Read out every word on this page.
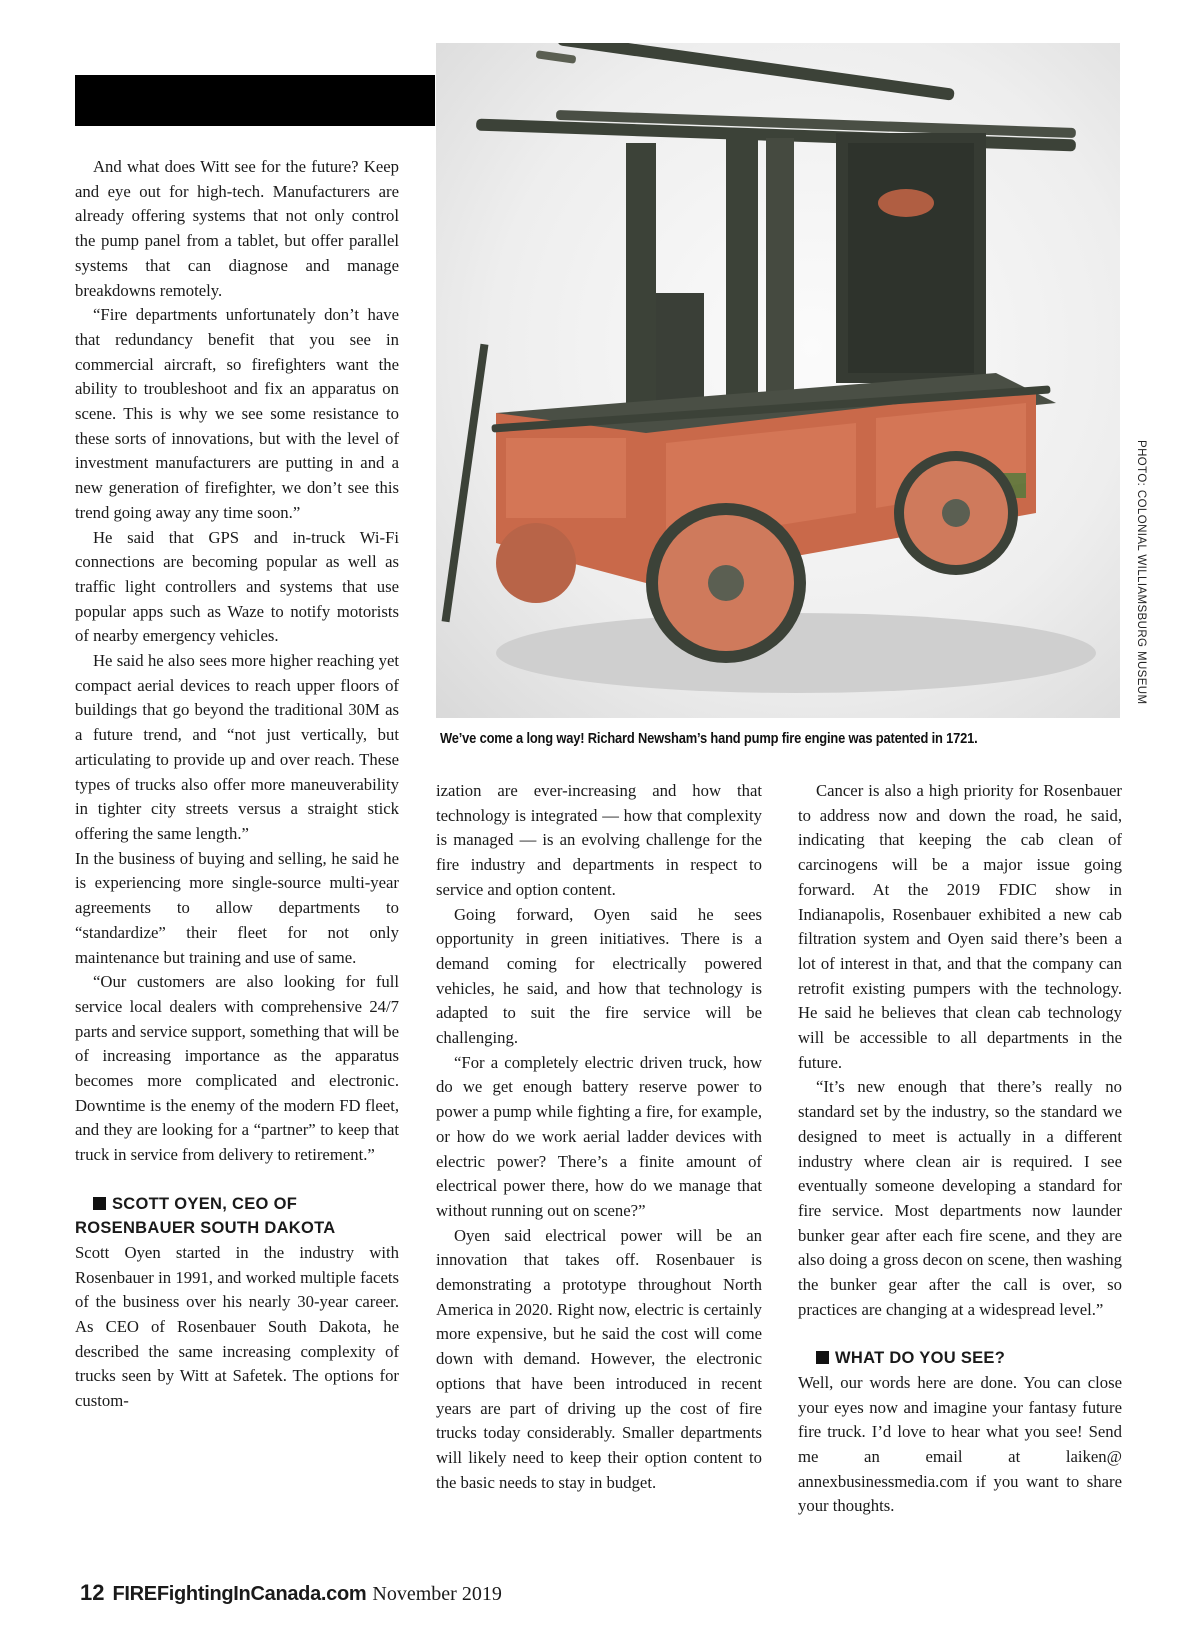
PHOTO: COLONIAL WILLIAMSBURG MUSEUM
We’ve come a long way! Richard Newsham’s hand pump fire engine was patented in 1721.

And what does Witt see for the future? Keep and eye out for high-tech. Manufacturers are already offering systems that not only control the pump panel from a tablet, but offer parallel systems that can diagnose and manage breakdowns remotely.

“Fire departments unfortunately don’t have that redundancy benefit that you see in commercial aircraft, so firefighters want the ability to troubleshoot and fix an apparatus on scene. This is why we see some resistance to these sorts of innovations, but with the level of investment manufacturers are putting in and a new generation of firefighter, we don’t see this trend going away any time soon.”

He said that GPS and in-truck Wi-Fi connections are becoming popular as well as traffic light controllers and systems that use popular apps such as Waze to notify motorists of nearby emergency vehicles.

He said he also sees more higher reaching yet compact aerial devices to reach upper floors of buildings that go beyond the traditional 30M as a future trend, and “not just vertically, but articulating to provide up and over reach. These types of trucks also offer more maneuverability in tighter city streets versus a straight stick offering the same length.”

In the business of buying and selling, he said he is experiencing more single-source multi-year agreements to allow departments to “standardize” their fleet for not only maintenance but training and use of same.

“Our customers are also looking for full service local dealers with comprehensive 24/7 parts and service support, something that will be of increasing importance as the apparatus becomes more complicated and electronic. Downtime is the enemy of the modern FD fleet, and they are looking for a “partner” to keep that truck in service from delivery to retirement.”

SCOTT OYEN, CEO OF ROSENBAUER SOUTH DAKOTA

Scott Oyen started in the industry with Rosenbauer in 1991, and worked multiple facets of the business over his nearly 30-year career. As CEO of Rosenbauer South Dakota, he described the same increasing complexity of trucks seen by Witt at Safetek. The options for custom-

ization are ever-increasing and how that technology is integrated — how that complexity is managed — is an evolving challenge for the fire industry and departments in respect to service and option content.

Going forward, Oyen said he sees opportunity in green initiatives. There is a demand coming for electrically powered vehicles, he said, and how that technology is adapted to suit the fire service will be challenging.

“For a completely electric driven truck, how do we get enough battery reserve power to power a pump while fighting a fire, for example, or how do we work aerial ladder devices with electric power? There’s a finite amount of electrical power there, how do we manage that without running out on scene?”

Oyen said electrical power will be an innovation that takes off. Rosenbauer is demonstrating a prototype throughout North America in 2020. Right now, electric is certainly more expensive, but he said the cost will come down with demand. However, the electronic options that have been introduced in recent years are part of driving up the cost of fire trucks today considerably. Smaller departments will likely need to keep their option content to the basic needs to stay in budget.

Cancer is also a high priority for Rosenbauer to address now and down the road, he said, indicating that keeping the cab clean of carcinogens will be a major issue going forward. At the 2019 FDIC show in Indianapolis, Rosenbauer exhibited a new cab filtration system and Oyen said there’s been a lot of interest in that, and that the company can retrofit existing pumpers with the technology. He said he believes that clean cab technology will be accessible to all departments in the future.

“It’s new enough that there’s really no standard set by the industry, so the standard we designed to meet is actually in a different industry where clean air is required. I see eventually someone developing a standard for fire service. Most departments now launder bunker gear after each fire scene, and they are also doing a gross decon on scene, then washing the bunker gear after the call is over, so practices are changing at a widespread level.”

WHAT DO YOU SEE?

Well, our words here are done. You can close your eyes now and imagine your fantasy future fire truck. I’d love to hear what you see! Send me an email at laiken@ annexbusinessmedia.com if you want to share your thoughts.

12 FIREFightingInCanada.com November 2019
